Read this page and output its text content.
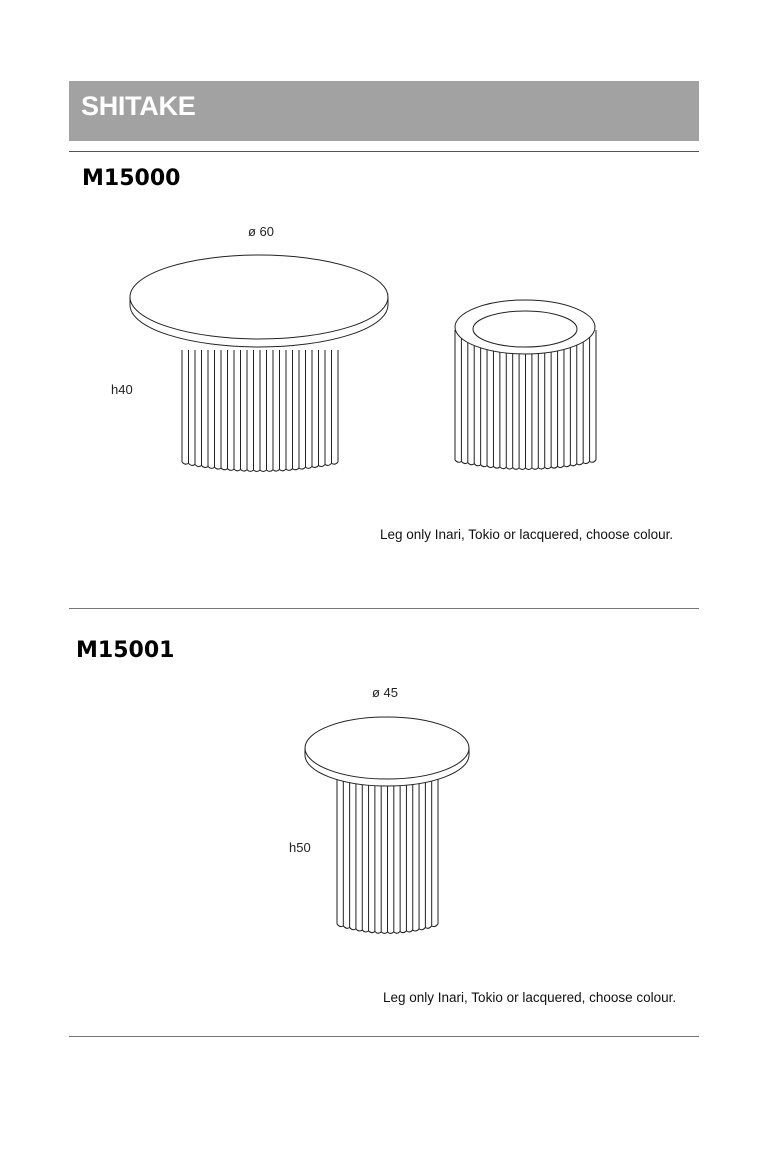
SHITAKE
M15000
ø 60
h40
Leg only Inari, Tokio or lacquered, choose colour.
M15001
ø 45
h50
Leg only Inari, Tokio or lacquered, choose colour.
